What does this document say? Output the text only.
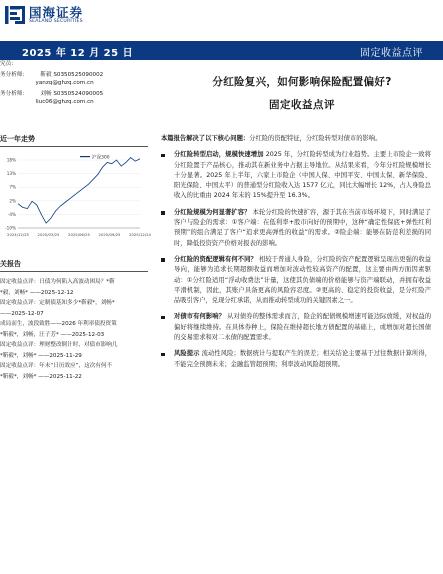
国海证券
SEALAND SECURITIES
2025 年 12 月 25 日	固定收益点评
究员：
务分析师：       靳毅 S0350525090002
yanzq@ghzq.com.cn
务分析师：       刘畅 S0350524090005
liuc06@ghzq.com.cn
近一年走势
18%
13%
7%
2%
-4%
-10%
2024/12/25 2025/03/25 2025/06/25 2025/09/25 2025/12/24
沪深300
关报告
固定收益点评：日债为何陷入高波动困局？*靳
*毅，刘畅* ——2025-12-12
固定收益点评：定制债基知多少*靳毅*，刘畅*
——2025-12-07
成局而生，波段致胜——2026 年利率债投资策
*靳毅*，刘畅，汪子芳* ——2025-12-03
固定收益点评：理财整改倒计时，对债市影响几
*靳毅*，刘畅* ——2025-11-29
固定收益点评：年末“日历效应”，这次有何不
*靳毅*，刘畅* ——2025-11-22
分红险复兴，如何影响保险配置偏好?
固定收益点评

本篇报告解决了以下核心问题：分红险的资配特征，分红险转型对债市的影响。

分红险转型启动，规模快速增加 2025 年，分红险转型成为行业趋势。主要上市险企一致将分红险置于产品核心，推动其在新业务中占据主导地位。从结果来看，今年分红险规模增长十分显著。2025 年上半年，六家上市险企（中国人保、中国平安、中国太保、新华保险、阳光保险、中国太平）的普通型分红险收入达 1577 亿元，同比大幅增长 12%，占人身险总收入的比重由 2024 年末的 15%提升至 16.3%。

分红险规模为何显著扩容？ 本轮分红险的快速扩容，源于其在当前市场环境下，同时满足了客户与险企的需求：①客户端：在低利率+股市向好的预期中，这种“确定性保底+弹性红利预期”的组合满足了客户“追求更高弹性的收益”的需求。②险企端：能够在防范利差损的同时，降低投资资产价格对报表的影响。

分红险的资配逻辑有何不同？ 相较于普通人身险，分红险的资产配置逻辑呈现出更强的收益导向，能够为追求长期超额收益而增加对波动性较高资产的配置，这主要由两方面因素驱动：①分红险适用“浮动收费法”计量，这使其负债端的价格能够与资产端联动，并拥有收益平滑机制，因此，其账户具备更高的风险容忍度。②更高的、稳定的投资收益，是分红险产品吸引客户，兑现分红承诺，从而推动转型成功的关键因素之一。

对债市有何影响？ 从对债券的整体需求而言，险企的配债规模增速可能边际放缓，对权益的偏好将继续维持。在具体券种上，保险在维持超长地方债配置的基础上，或增加对超长国债的交易需求和对二永债的配置需求。

风险提示 流动性风险；数据统计与提取产生的误差；相关结论主要基于过往数据计算所得，不能完全预测未来；金融监管超预期；利率波动风险超预期。
